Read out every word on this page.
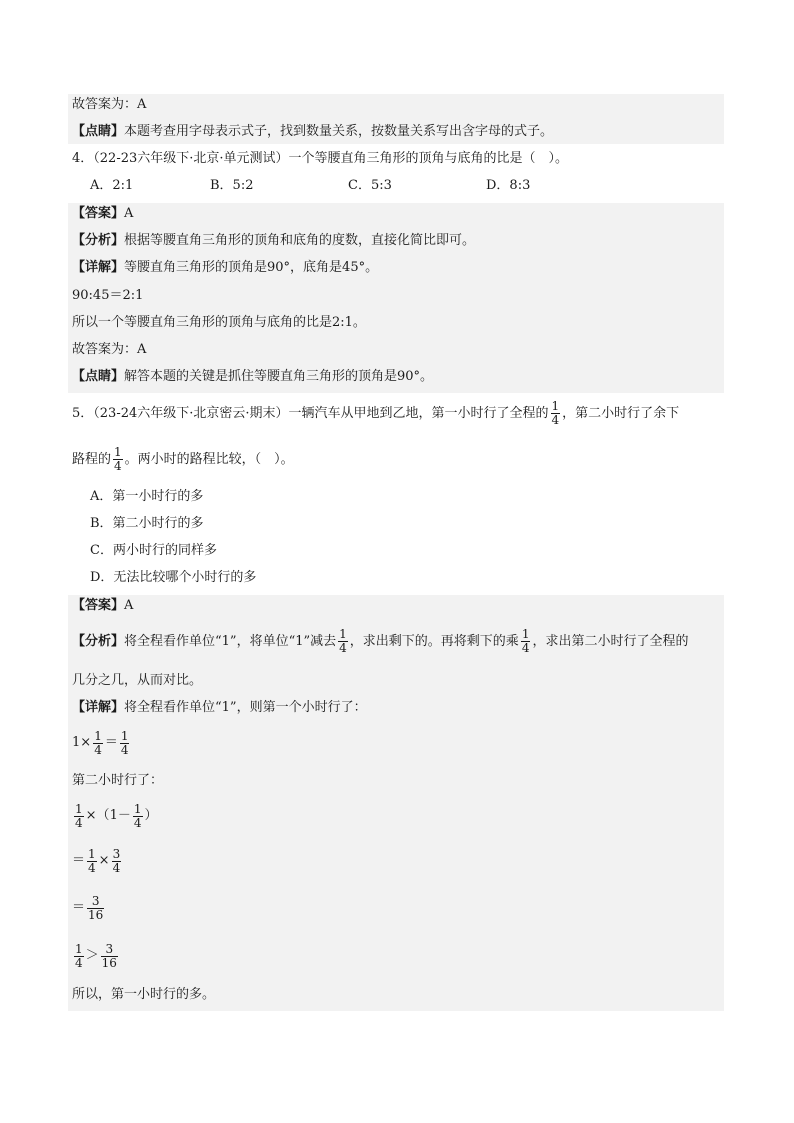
故答案为：A
【点睛】本题考查用字母表示式子，找到数量关系，按数量关系写出含字母的式子。
4．（22-23六年级下·北京·单元测试）一个等腰直角三角形的顶角与底角的比是（　）。
A．2:1	B．5:2	C．5:3	D．8:3
【答案】A
【分析】根据等腰直角三角形的顶角和底角的度数，直接化简比即可。
【详解】等腰直角三角形的顶角是90°，底角是45°。
90:45＝2:1
所以一个等腰直角三角形的顶角与底角的比是2:1。
故答案为：A
【点睛】解答本题的关键是抓住等腰直角三角形的顶角是90°。
5．（23-24六年级下·北京密云·期末）一辆汽车从甲地到乙地，第一小时行了全程的 $\frac{1}{4}$ ，第二小时行了余下
路程的 $\frac{1}{4}$ 。两小时的路程比较，（　）。
A．第一小时行的多
B．第二小时行的多
C．两小时行的同样多
D．无法比较哪个小时行的多
【答案】A
【分析】将全程看作单位“1”，将单位“1”减去 $\frac{1}{4}$ ，求出剩下的。再将剩下的乘 $\frac{1}{4}$ ，求出第二小时行了全程的
几分之几，从而对比。
【详解】将全程看作单位“1”，则第一个小时行了：
$1\times \frac{1}{4} = \frac{1}{4}$
第二小时行了：
$\frac{1}{4} \times(1- \frac{1}{4}$ ）
＝ $\frac{1}{4} \times \frac{3}{4}$
＝ $\frac{3}{16}$
$\frac{1}{4} > \frac{3}{16}$
所以，第一小时行的多。
